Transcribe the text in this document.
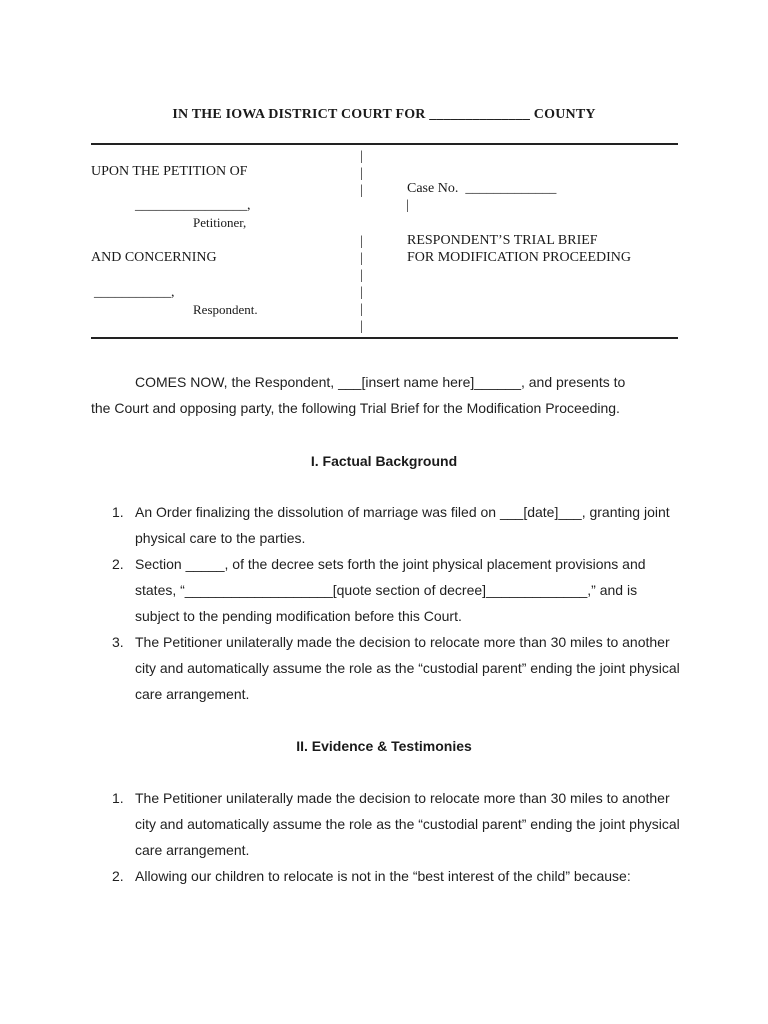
IN THE IOWA DISTRICT COURT FOR ______________ COUNTY
UPON THE PETITION OF
________________,
Petitioner,
AND CONCERNING
___________,
Respondent.
|
|
|
|
|
|
|
|
|
Case No. _____________
|
RESPONDENT’S TRIAL BRIEF
FOR MODIFICATION PROCEEDING
COMES NOW, the Respondent, ___[insert name here]______, and presents to
the Court and opposing party, the following Trial Brief for the Modification Proceeding.
I. Factual Background
1. An Order finalizing the dissolution of marriage was filed on ___[date]___, granting joint physical care to the parties.
2. Section _____, of the decree sets forth the joint physical placement provisions and states, “___________________[quote section of decree]_____________,” and is subject to the pending modification before this Court.
3. The Petitioner unilaterally made the decision to relocate more than 30 miles to another city and automatically assume the role as the “custodial parent” ending the joint physical care arrangement.
II. Evidence & Testimonies
1. The Petitioner unilaterally made the decision to relocate more than 30 miles to another city and automatically assume the role as the “custodial parent” ending the joint physical care arrangement.
2. Allowing our children to relocate is not in the “best interest of the child” because:
